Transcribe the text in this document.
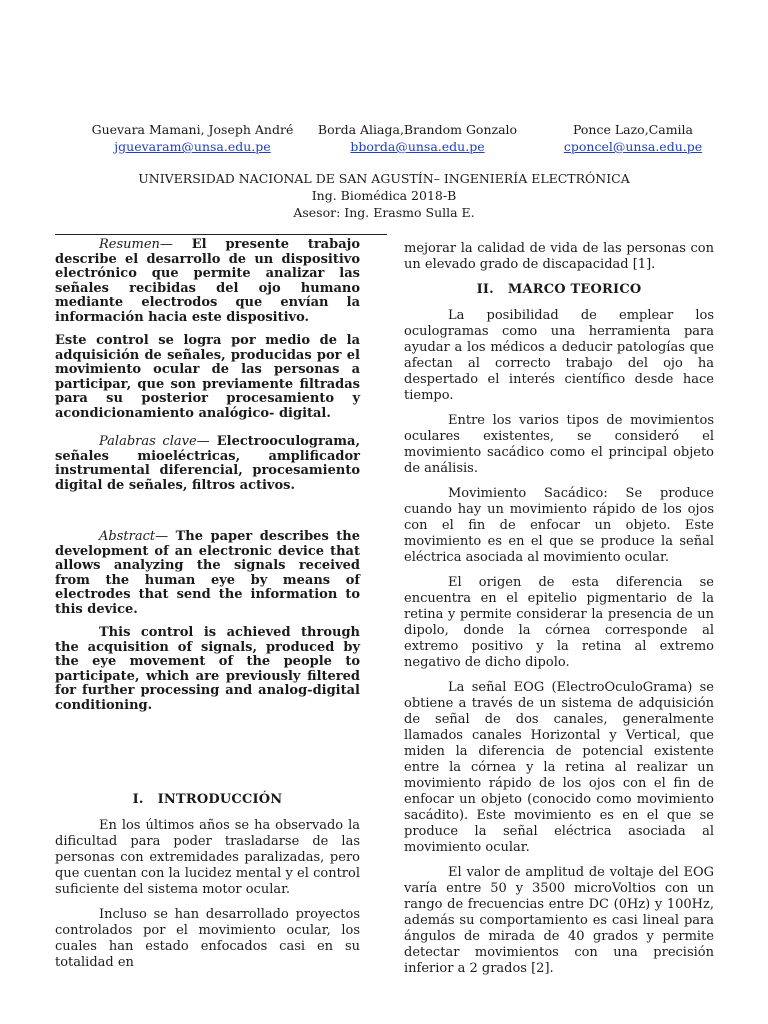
Guevara Mamani, Joseph André
jguevaram@unsa.edu.pe
Borda Aliaga,Brandom Gonzalo
bborda@unsa.edu.pe
Ponce Lazo,Camila
cponcel@unsa.edu.pe
UNIVERSIDAD NACIONAL DE SAN AGUSTÍN– INGENIERÍA ELECTRÓNICA
Ing. Biomédica 2018-B
Asesor: Ing. Erasmo Sulla E.

Resumen— El presente trabajo describe el desarrollo de un dispositivo electrónico que permite analizar las señales recibidas del ojo humano mediante electrodos que envían la información hacia este dispositivo.

Este control se logra por medio de la adquisición de señales, producidas por el movimiento ocular de las personas a participar, que son previamente filtradas para su posterior procesamiento y acondicionamiento analógico- digital.

Palabras clave— Electrooculograma, señales mioeléctricas, amplificador instrumental diferencial, procesamiento digital de señales, filtros activos.

Abstract— The paper describes the development of an electronic device that allows analyzing the signals received from the human eye by means of electrodes that send the information to this device.

This control is achieved through the acquisition of signals, produced by the eye movement of the people to participate, which are previously filtered for further processing and analog-digital conditioning.

I. INTRODUCCIÓN

En los últimos años se ha observado la dificultad para poder trasladarse de las personas con extremidades paralizadas, pero que cuentan con la lucidez mental y el control suficiente del sistema motor ocular.

Incluso se han desarrollado proyectos controlados por el movimiento ocular, los cuales han estado enfocados casi en su totalidad en

mejorar la calidad de vida de las personas con un elevado grado de discapacidad [1].

II. MARCO TEORICO

La posibilidad de emplear los oculogramas como una herramienta para ayudar a los médicos a deducir patologías que afectan al correcto trabajo del ojo ha despertado el interés científico desde hace tiempo.

Entre los varios tipos de movimientos oculares existentes, se consideró el movimiento sacádico como el principal objeto de análisis.

Movimiento Sacádico: Se produce cuando hay un movimiento rápido de los ojos con el fin de enfocar un objeto. Este movimiento es en el que se produce la señal eléctrica asociada al movimiento ocular.

El origen de esta diferencia se encuentra en el epitelio pigmentario de la retina y permite considerar la presencia de un dipolo, donde la córnea corresponde al extremo positivo y la retina al extremo negativo de dicho dipolo.

La señal EOG (ElectroOculoGrama) se obtiene a través de un sistema de adquisición de señal de dos canales, generalmente llamados canales Horizontal y Vertical, que miden la diferencia de potencial existente entre la córnea y la retina al realizar un movimiento rápido de los ojos con el fin de enfocar un objeto (conocido como movimiento sacádito). Este movimiento es en el que se produce la señal eléctrica asociada al movimiento ocular.

El valor de amplitud de voltaje del EOG varía entre 50 y 3500 microVoltios con un rango de frecuencias entre DC (0Hz) y 100Hz, además su comportamiento es casi lineal para ángulos de mirada de 40 grados y permite detectar movimientos con una precisión inferior a 2 grados [2].
